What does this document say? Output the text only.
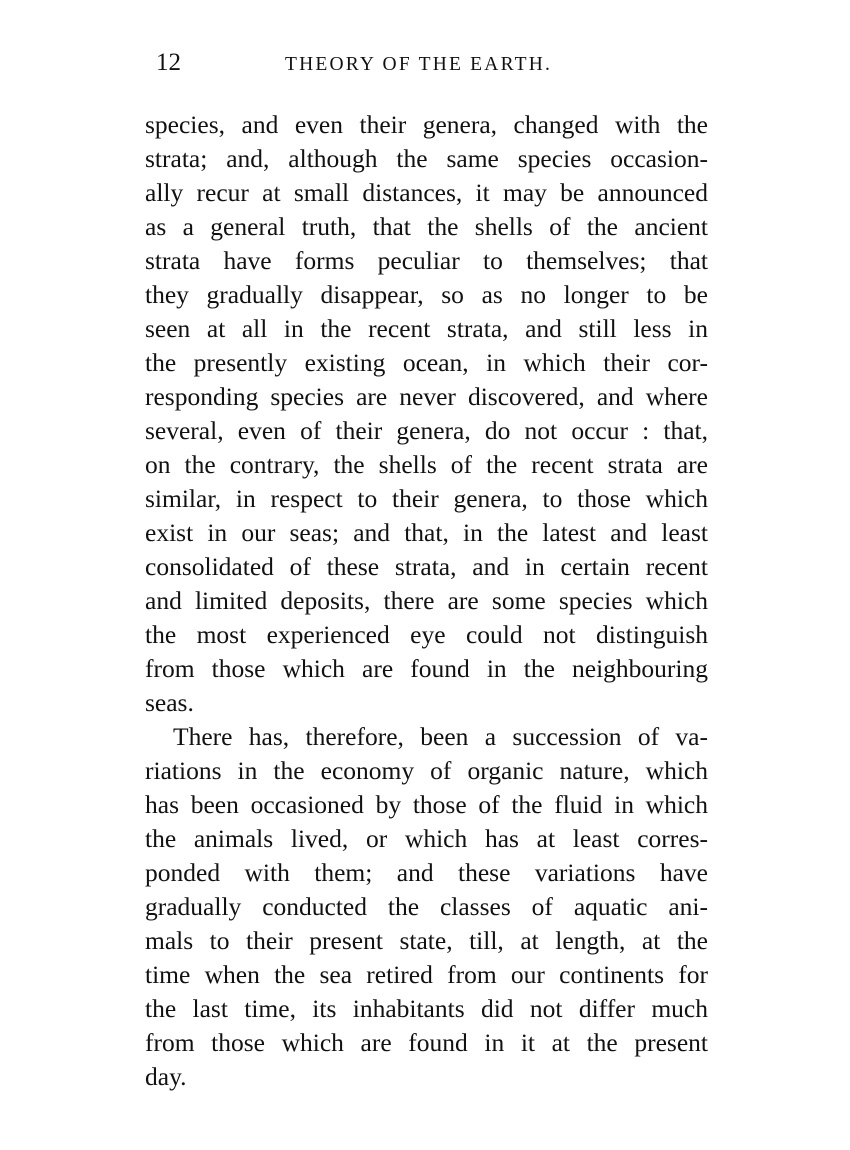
12	THEORY OF THE EARTH.
species, and even their genera, changed with the
strata; and, although the same species occasion-
ally recur at small distances, it may be announced
as a general truth, that the shells of the ancient
strata have forms peculiar to themselves; that
they gradually disappear, so as no longer to be
seen at all in the recent strata, and still less in
the presently existing ocean, in which their cor-
responding species are never discovered, and where
several, even of their genera, do not occur : that,
on the contrary, the shells of the recent strata are
similar, in respect to their genera, to those which
exist in our seas; and that, in the latest and least
consolidated of these strata, and in certain recent
and limited deposits, there are some species which
the most experienced eye could not distinguish
from those which are found in the neighbouring
seas.
There has, therefore, been a succession of va-
riations in the economy of organic nature, which
has been occasioned by those of the fluid in which
the animals lived, or which has at least corres-
ponded with them; and these variations have
gradually conducted the classes of aquatic ani-
mals to their present state, till, at length, at the
time when the sea retired from our continents for
the last time, its inhabitants did not differ much
from those which are found in it at the present
day.
